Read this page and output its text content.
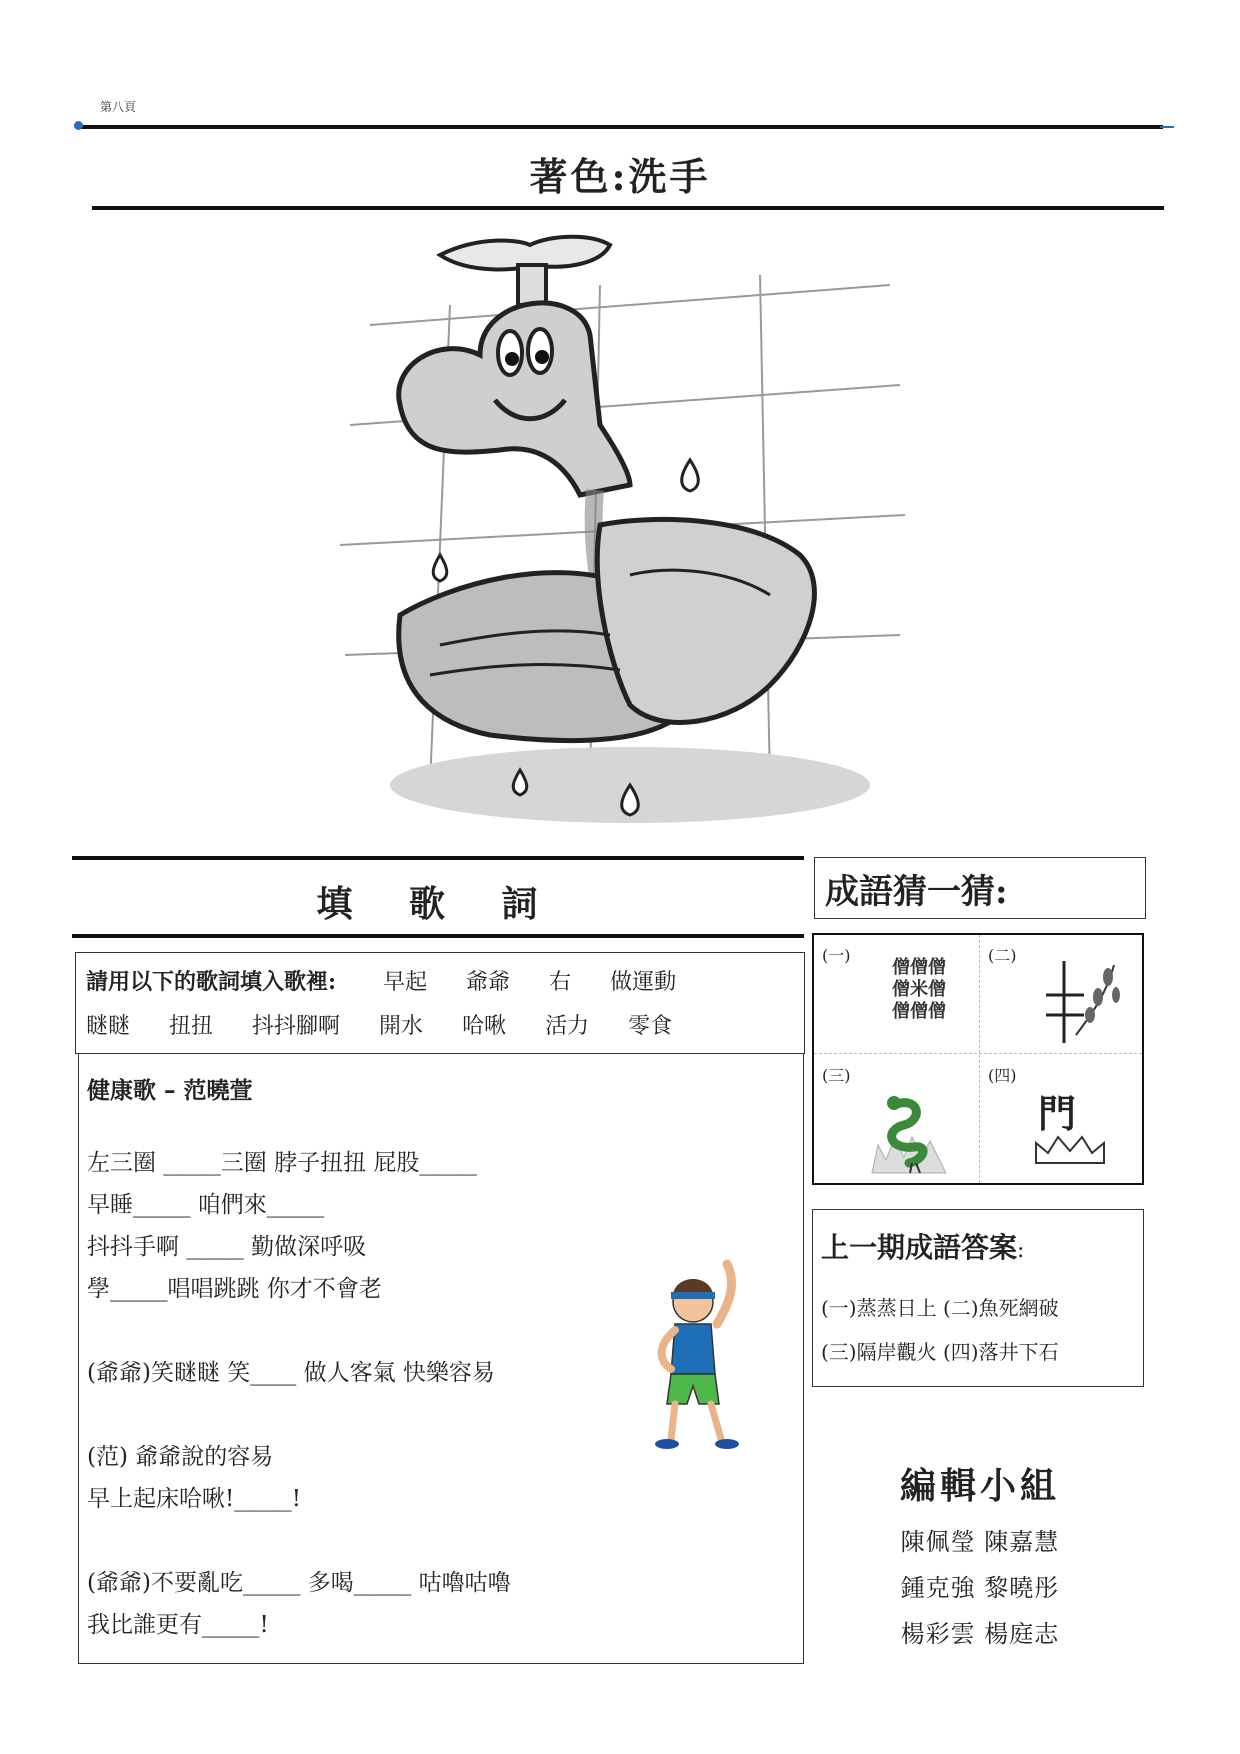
第八頁
著色:洗手
填 歌 詞
請用以下的歌詞填入歌裡: 早起 爺爺 右 做運動
瞇瞇 扭扭 抖抖腳啊 開水 哈啾 活力 零食
健康歌 – 范曉萱
左三圈 _____三圈 脖子扭扭 屁股_____
早睡_____ 咱們來_____
抖抖手啊 _____ 勤做深呼吸
學_____唱唱跳跳 你才不會老
(爺爺)笑瞇瞇 笑____ 做人客氣 快樂容易
(范) 爺爺說的容易
早上起床哈啾!_____!
(爺爺)不要亂吃_____ 多喝_____ 咕嚕咕嚕
我比誰更有_____!
成語猜一猜:
(一)
僧僧僧
僧米僧
僧僧僧
(二)
(三)	(四)
門
上一期成語答案:
(一)蒸蒸日上 (二)魚死網破
(三)隔岸觀火 (四)落井下石
編輯小組
陳佩瑩 陳嘉慧
鍾克強 黎曉彤
楊彩雲 楊庭志
